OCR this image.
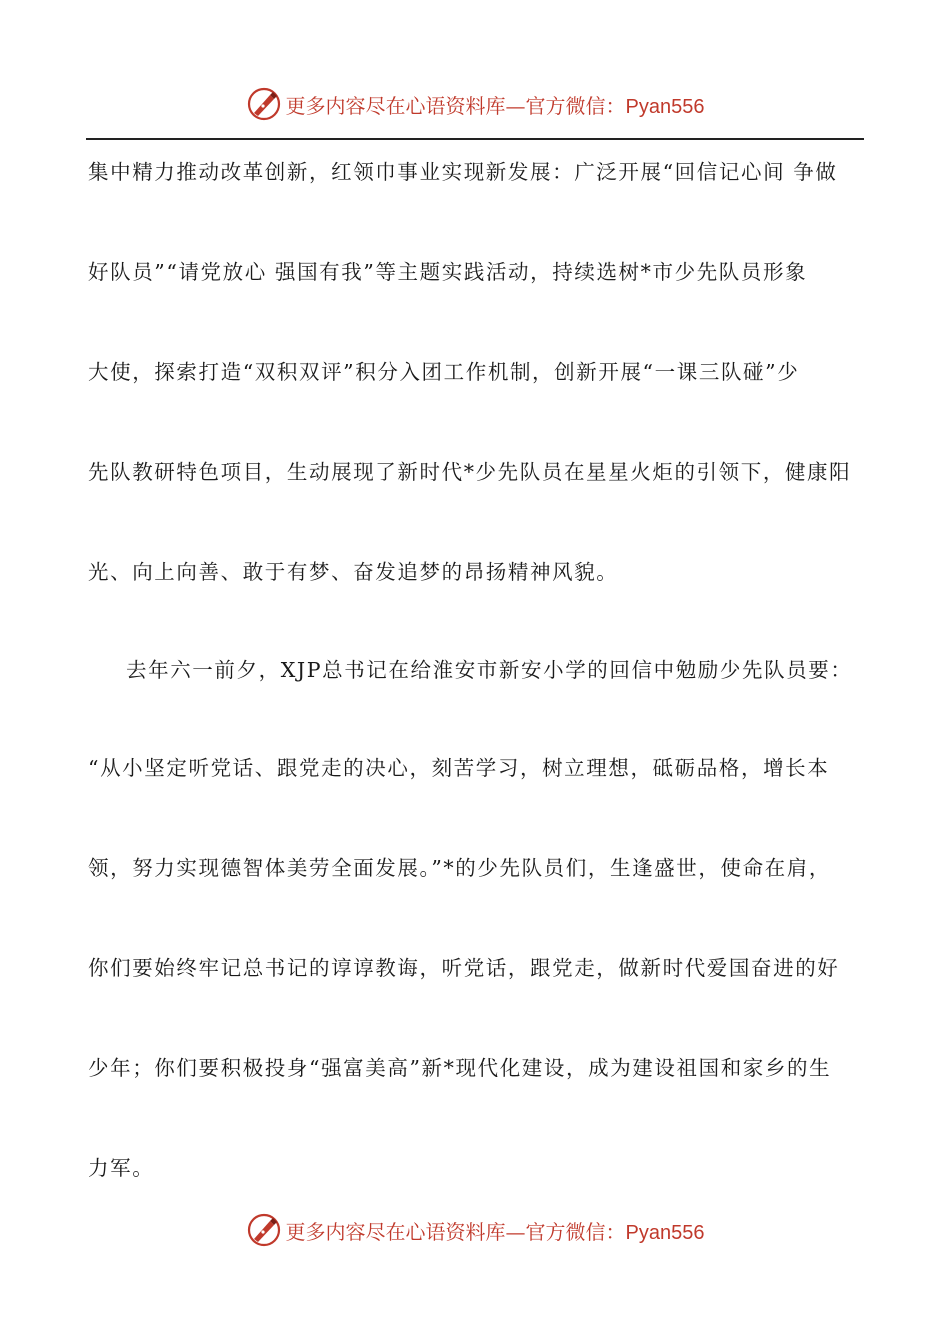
更多内容尽在心语资料库—官方微信：Pyan556
集中精力推动改革创新，红领巾事业实现新发展：广泛开展“回信记心间 争做
好队员”“请党放心 强国有我”等主题实践活动，持续选树*市少先队员形象
大使，探索打造“双积双评”积分入团工作机制，创新开展“一课三队碰”少
先队教研特色项目，生动展现了新时代*少先队员在星星火炬的引领下，健康阳
光、向上向善、敢于有梦、奋发追梦的昂扬精神风貌。
去年六一前夕，XJP总书记在给淮安市新安小学的回信中勉励少先队员要：
“从小坚定听党话、跟党走的决心，刻苦学习，树立理想，砥砺品格，增长本
领，努力实现德智体美劳全面发展。”*的少先队员们，生逢盛世，使命在肩，
你们要始终牢记总书记的谆谆教诲，听党话，跟党走，做新时代爱国奋进的好
少年；你们要积极投身“强富美高”新*现代化建设，成为建设祖国和家乡的生
力军。
更多内容尽在心语资料库—官方微信：Pyan556
